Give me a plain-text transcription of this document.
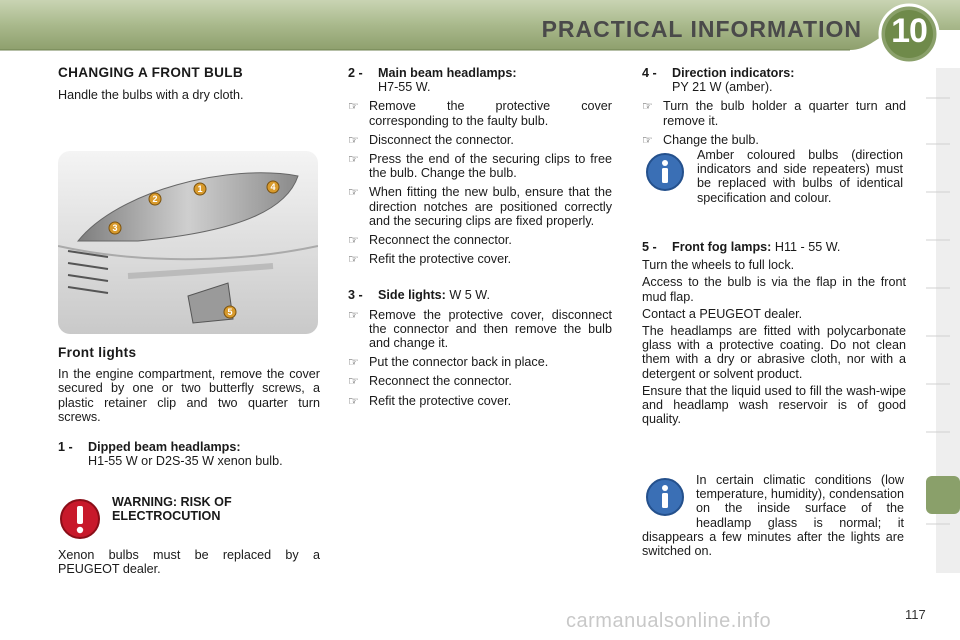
PRACTICAL INFORMATION 10
CHANGING A FRONT BULB

Handle the bulbs with a dry cloth.

1
2
3
4
5
Front lights

In the engine compartment, remove the cover secured by one or two butterfly screws, a plastic retainer clip and two quarter turn screws.

1 -	Dipped beam headlamps:
H1-55 W or D2S-35 W xenon bulb.
WARNING: RISK OF ELECTROCUTION
Xenon bulbs must be replaced by a PEUGEOT dealer.
2 -	Main beam headlamps:
H7-55 W.
☞ Remove the protective cover corresponding to the faulty bulb.
☞ Disconnect the connector.
☞ Press the end of the securing clips to free the bulb. Change the bulb.
☞ When fitting the new bulb, ensure that the direction notches are positioned correctly and the securing clips are fixed properly.
☞ Reconnect the connector.
☞ Refit the protective cover.
3 -	Side lights: W 5 W.
☞ Remove the protective cover, disconnect the connector and then remove the bulb and change it.
☞ Put the connector back in place.
☞ Reconnect the connector.
☞ Refit the protective cover.
4 -	Direction indicators:
PY 21 W (amber).
☞ Turn the bulb holder a quarter turn and remove it.
☞ Change the bulb.
Amber coloured bulbs (direction indicators and side repeaters) must be replaced with bulbs of identical specification and colour.
5 -	Front fog lamps: H11 - 55 W.

Turn the wheels to full lock.

Access to the bulb is via the flap in the front mud flap.

Contact a PEUGEOT dealer.

The headlamps are fitted with polycarbonate glass with a protective coating. Do not clean them with a dry or abrasive cloth, nor with a detergent or solvent product.

Ensure that the liquid used to fill the wash-wipe and headlamp wash reservoir is of good quality.

In certain climatic conditions (low temperature, humidity), condensation on the inside surface of the headlamp glass is normal; it disappears a few minutes after the lights are switched on.
carmanualsonline.info	117
